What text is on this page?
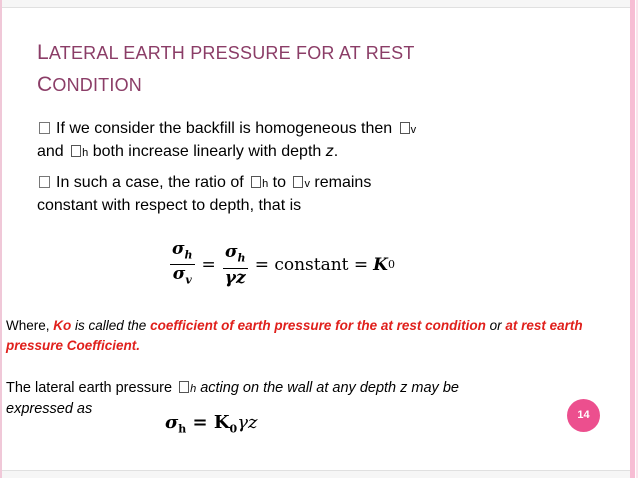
LATERAL EARTH PRESSURE FOR AT REST
CONDITION
If we consider the backfill is homogeneous then v
and h both increase linearly with depth z.
In such a case, the ratio of h to v remains
constant with respect to depth, that is
$\frac{\sigma_h}{\sigma_v} = \frac{\sigma_h}{\gamma z}$ = constant = K 0
Where, Ko is called the coefficient of earth pressure for the at rest condition or at rest earth pressure Coefficient.
The lateral earth pressure h acting on the wall at any depth z may be
expressed as
$\sigma_h = K_0\gamma z$	14
